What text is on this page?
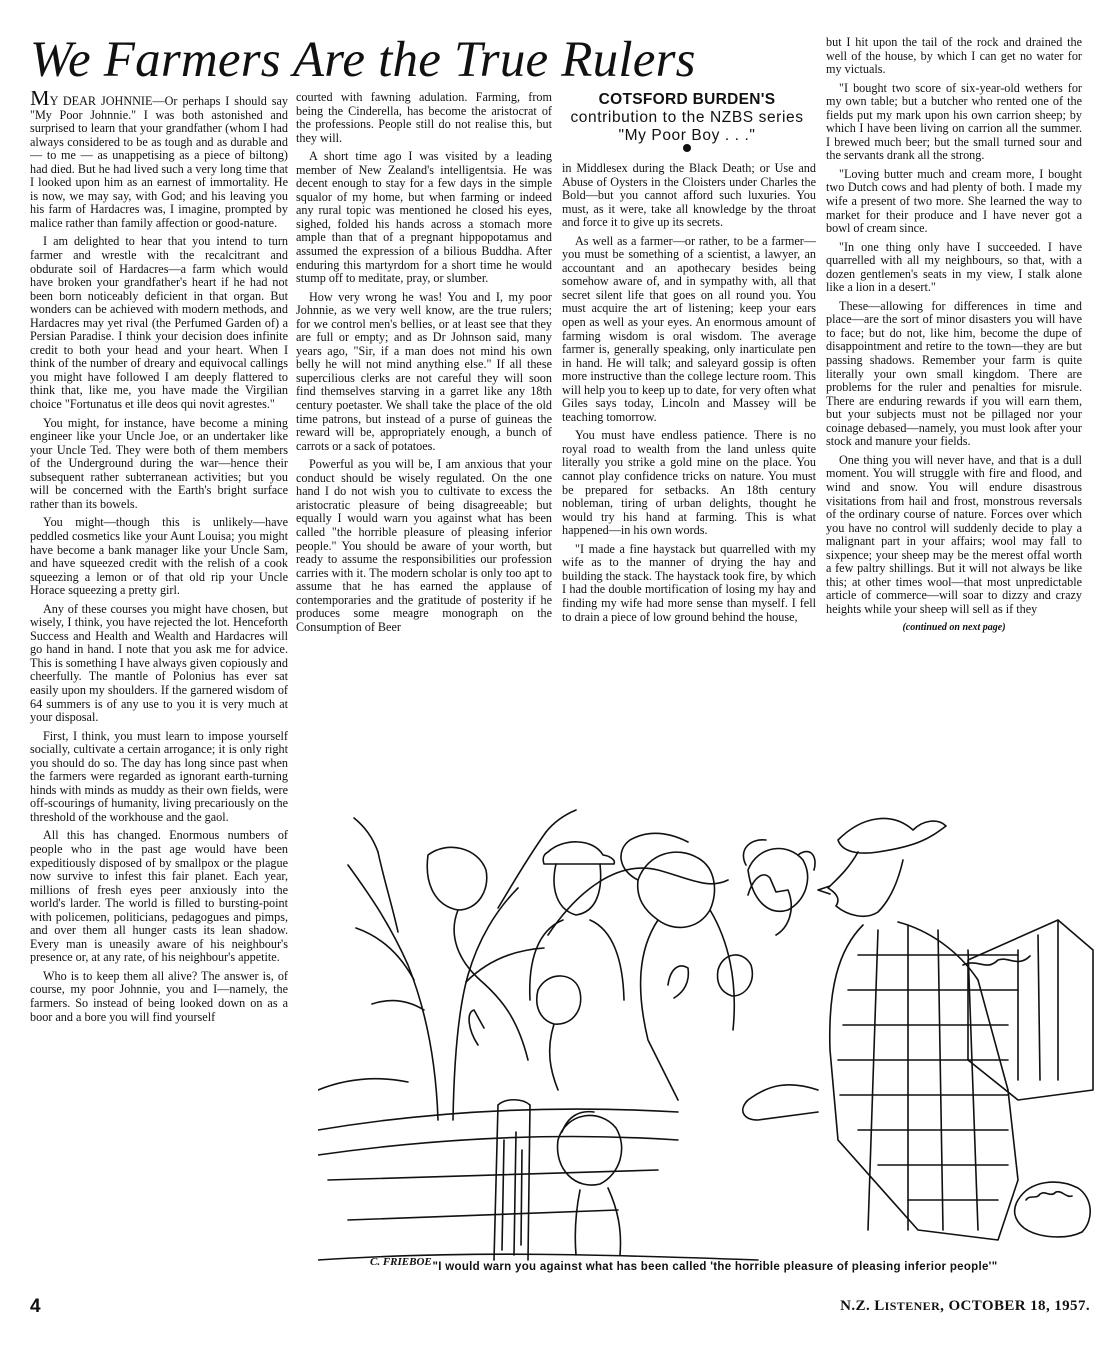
We Farmers Are the True Rulers

MY DEAR JOHNNIE—Or perhaps I should say "My Poor Johnnie." I was both astonished and surprised to learn that your grandfather (whom I had always considered to be as tough and as durable and — to me — as unappetising as a piece of biltong) had died. But he had lived such a very long time that I looked upon him as an earnest of immortality. He is now, we may say, with God; and his leaving you his farm of Hardacres was, I imagine, prompted by malice rather than family affection or good-nature.

I am delighted to hear that you intend to turn farmer and wrestle with the recalcitrant and obdurate soil of Hardacres—a farm which would have broken your grandfather's heart if he had not been born noticeably deficient in that organ. But wonders can be achieved with modern methods, and Hardacres may yet rival (the Perfumed Garden of) a Persian Paradise. I think your decision does infinite credit to both your head and your heart. When I think of the number of dreary and equivocal callings you might have followed I am deeply flattered to think that, like me, you have made the Virgilian choice "Fortunatus et ille deos qui novit agrestes."

You might, for instance, have become a mining engineer like your Uncle Joe, or an undertaker like your Uncle Ted. They were both of them members of the Underground during the war—hence their subsequent rather subterranean activities; but you will be concerned with the Earth's bright surface rather than its bowels.

You might—though this is unlikely—have peddled cosmetics like your Aunt Louisa; you might have become a bank manager like your Uncle Sam, and have squeezed credit with the relish of a cook squeezing a lemon or of that old rip your Uncle Horace squeezing a pretty girl.

Any of these courses you might have chosen, but wisely, I think, you have rejected the lot. Henceforth Success and Health and Wealth and Hardacres will go hand in hand. I note that you ask me for advice. This is something I have always given copiously and cheerfully. The mantle of Polonius has ever sat easily upon my shoulders. If the garnered wisdom of 64 summers is of any use to you it is very much at your disposal.

First, I think, you must learn to impose yourself socially, cultivate a certain arrogance; it is only right you should do so. The day has long since past when the farmers were regarded as ignorant earth-turning hinds with minds as muddy as their own fields, were off-scourings of humanity, living precariously on the threshold of the workhouse and the gaol.

All this has changed. Enormous numbers of people who in the past age would have been expeditiously disposed of by smallpox or the plague now survive to infest this fair planet. Each year, millions of fresh eyes peer anxiously into the world's larder. The world is filled to bursting-point with policemen, politicians, pedagogues and pimps, and over them all hunger casts its lean shadow. Every man is uneasily aware of his neighbour's presence or, at any rate, of his neighbour's appetite.

Who is to keep them all alive? The answer is, of course, my poor Johnnie, you and I—namely, the farmers. So instead of being looked down on as a boor and a bore you will find yourself

courted with fawning adulation. Farming, from being the Cinderella, has become the aristocrat of the professions. People still do not realise this, but they will.

A short time ago I was visited by a leading member of New Zealand's intelligentsia. He was decent enough to stay for a few days in the simple squalor of my home, but when farming or indeed any rural topic was mentioned he closed his eyes, sighed, folded his hands across a stomach more ample than that of a pregnant hippopotamus and assumed the expression of a bilious Buddha. After enduring this martyrdom for a short time he would stump off to meditate, pray, or slumber.

How very wrong he was! You and I, my poor Johnnie, as we very well know, are the true rulers; for we control men's bellies, or at least see that they are full or empty; and as Dr Johnson said, many years ago, "Sir, if a man does not mind his own belly he will not mind anything else." If all these supercilious clerks are not careful they will soon find themselves starving in a garret like any 18th century poetaster. We shall take the place of the old time patrons, but instead of a purse of guineas the reward will be, appropriately enough, a bunch of carrots or a sack of potatoes.

Powerful as you will be, I am anxious that your conduct should be wisely regulated. On the one hand I do not wish you to cultivate to excess the aristocratic pleasure of being disagreeable; but equally I would warn you against what has been called "the horrible pleasure of pleasing inferior people." You should be aware of your worth, but ready to assume the responsibilities our profession carries with it. The modern scholar is only too apt to assume that he has earned the applause of contemporaries and the gratitude of posterity if he produces some meagre monograph on the Consumption of Beer

COTSFORD BURDEN'S contribution to the NZBS series "My Poor Boy . . ."

in Middlesex during the Black Death; or Use and Abuse of Oysters in the Cloisters under Charles the Bold—but you cannot afford such luxuries. You must, as it were, take all knowledge by the throat and force it to give up its secrets.

As well as a farmer—or rather, to be a farmer—you must be something of a scientist, a lawyer, an accountant and an apothecary besides being somehow aware of, and in sympathy with, all that secret silent life that goes on all round you. You must acquire the art of listening; keep your ears open as well as your eyes. An enormous amount of farming wisdom is oral wisdom. The average farmer is, generally speaking, only inarticulate pen in hand. He will talk; and saleyard gossip is often more instructive than the college lecture room. This will help you to keep up to date, for very often what Giles says today, Lincoln and Massey will be teaching tomorrow.

You must have endless patience. There is no royal road to wealth from the land unless quite literally you strike a gold mine on the place. You cannot play confidence tricks on nature. You must be prepared for setbacks. An 18th century nobleman, tiring of urban delights, thought he would try his hand at farming. This is what happened—in his own words.

"I made a fine haystack but quarrelled with my wife as to the manner of drying the hay and building the stack. The haystack took fire, by which I had the double mortification of losing my hay and finding my wife had more sense than myself. I fell to drain a piece of low ground behind the house,

but I hit upon the tail of the rock and drained the well of the house, by which I can get no water for my victuals.

"I bought two score of six-year-old wethers for my own table; but a butcher who rented one of the fields put my mark upon his own carrion sheep; by which I have been living on carrion all the summer. I brewed much beer; but the small turned sour and the servants drank all the strong.

"Loving butter much and cream more, I bought two Dutch cows and had plenty of both. I made my wife a present of two more. She learned the way to market for their produce and I have never got a bowl of cream since.

"In one thing only have I succeeded. I have quarrelled with all my neighbours, so that, with a dozen gentlemen's seats in my view, I stalk alone like a lion in a desert."

These—allowing for differences in time and place—are the sort of minor disasters you will have to face; but do not, like him, become the dupe of disappointment and retire to the town—they are but passing shadows. Remember your farm is quite literally your own small kingdom. There are problems for the ruler and penalties for misrule. There are enduring rewards if you will earn them, but your subjects must not be pillaged nor your coinage debased—namely, you must look after your stock and manure your fields.

One thing you will never have, and that is a dull moment. You will struggle with fire and flood, and wind and snow. You will endure disastrous visitations from hail and frost, monstrous reversals of the ordinary course of nature. Forces over which you have no control will suddenly decide to play a malignant part in your affairs; wool may fall to sixpence; your sheep may be the merest offal worth a few paltry shillings. But it will not always be like this; at other times wool—that most unpredictable article of commerce—will soar to dizzy and crazy heights while your sheep will sell as if they

(continued on next page)
C. FRIEBOE "I would warn you against what has been called 'the horrible pleasure of pleasing inferior people'"
4	N.Z. LISTENER, OCTOBER 18, 1957.
